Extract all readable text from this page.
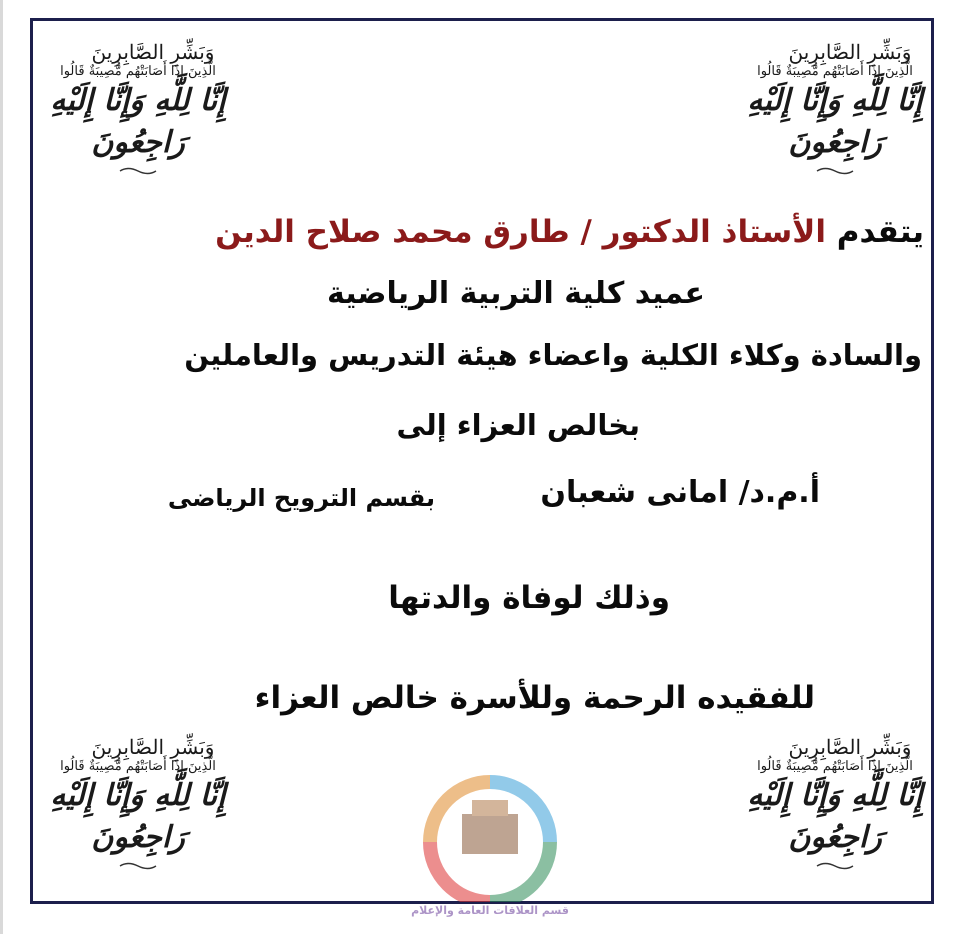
وَبَشِّرِ الصَّابِرِينَ
الَّذِينَ إِذَا أَصَابَتْهُم مُّصِيبَةٌ قَالُوا
إِنَّا لِلَّهِ وَإِنَّا إِلَيْهِ رَاجِعُونَ
وَبَشِّرِ الصَّابِرِينَ
الَّذِينَ إِذَا أَصَابَتْهُم مُّصِيبَةٌ قَالُوا
إِنَّا لِلَّهِ وَإِنَّا إِلَيْهِ رَاجِعُونَ
وَبَشِّرِ الصَّابِرِينَ
الَّذِينَ إِذَا أَصَابَتْهُم مُّصِيبَةٌ قَالُوا
إِنَّا لِلَّهِ وَإِنَّا إِلَيْهِ رَاجِعُونَ
وَبَشِّرِ الصَّابِرِينَ
الَّذِينَ إِذَا أَصَابَتْهُم مُّصِيبَةٌ قَالُوا
إِنَّا لِلَّهِ وَإِنَّا إِلَيْهِ رَاجِعُونَ
يتقدم الأستاذ الدكتور / طارق محمد صلاح الدين
عميد كلية التربية الرياضية
والسادة وكلاء الكلية واعضاء هيئة التدريس والعاملين
بخالص العزاء إلى
أ.م.د/ امانى شعبان
بقسم الترويح الرياضى
وذلك لوفاة والدتها
للفقيده الرحمة وللأسرة خالص العزاء
قسم العلاقات العامة والإعلام
